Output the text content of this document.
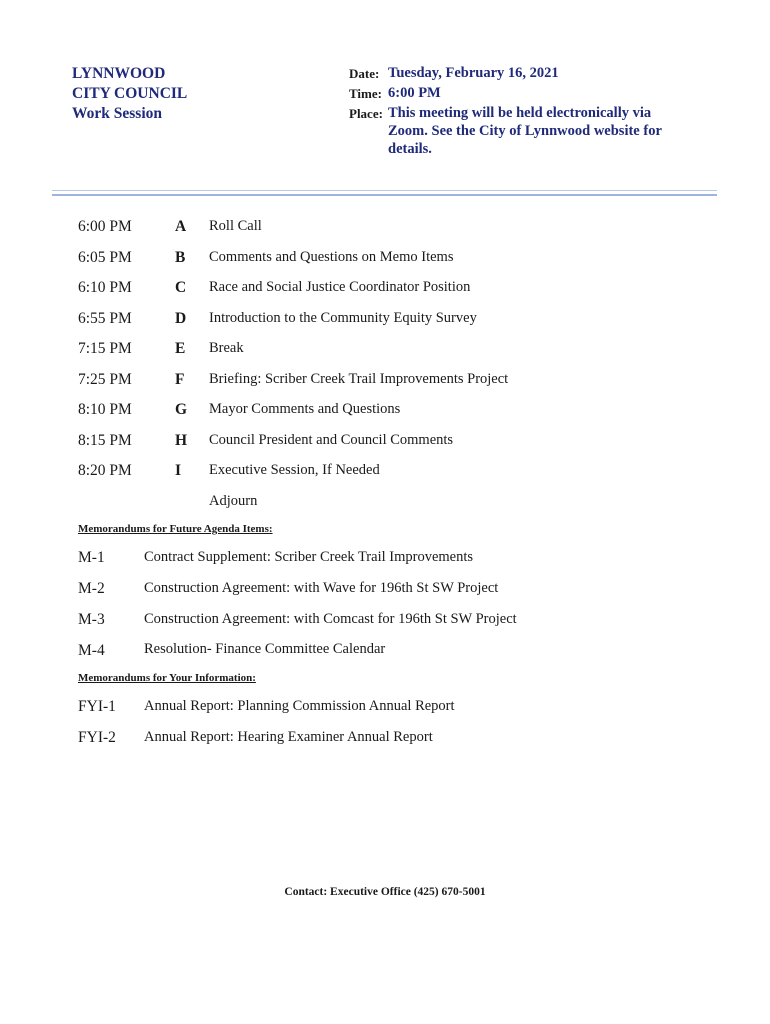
LYNNWOOD
CITY COUNCIL
Work Session
Date: Tuesday, February 16, 2021
Time: 6:00 PM
Place: This meeting will be held electronically via Zoom. See the City of Lynnwood website for details.
6:00 PM	A Roll Call
6:05 PM	B Comments and Questions on Memo Items
6:10 PM	C Race and Social Justice Coordinator Position
6:55 PM	D Introduction to the Community Equity Survey
7:15 PM	E Break
7:25 PM	F Briefing: Scriber Creek Trail Improvements Project
8:10 PM	G Mayor Comments and Questions
8:15 PM	H Council President and Council Comments
8:20 PM	I Executive Session, If Needed
Adjourn
Memorandums for Future Agenda Items:
M-1	Contract Supplement: Scriber Creek Trail Improvements
M-2	Construction Agreement: with Wave for 196th St SW Project
M-3	Construction Agreement: with Comcast for 196th St SW Project
M-4	Resolution- Finance Committee Calendar
Memorandums for Your Information:
FYI-1 Annual Report: Planning Commission Annual Report
FYI-2 Annual Report: Hearing Examiner Annual Report
Contact: Executive Office (425) 670-5001
